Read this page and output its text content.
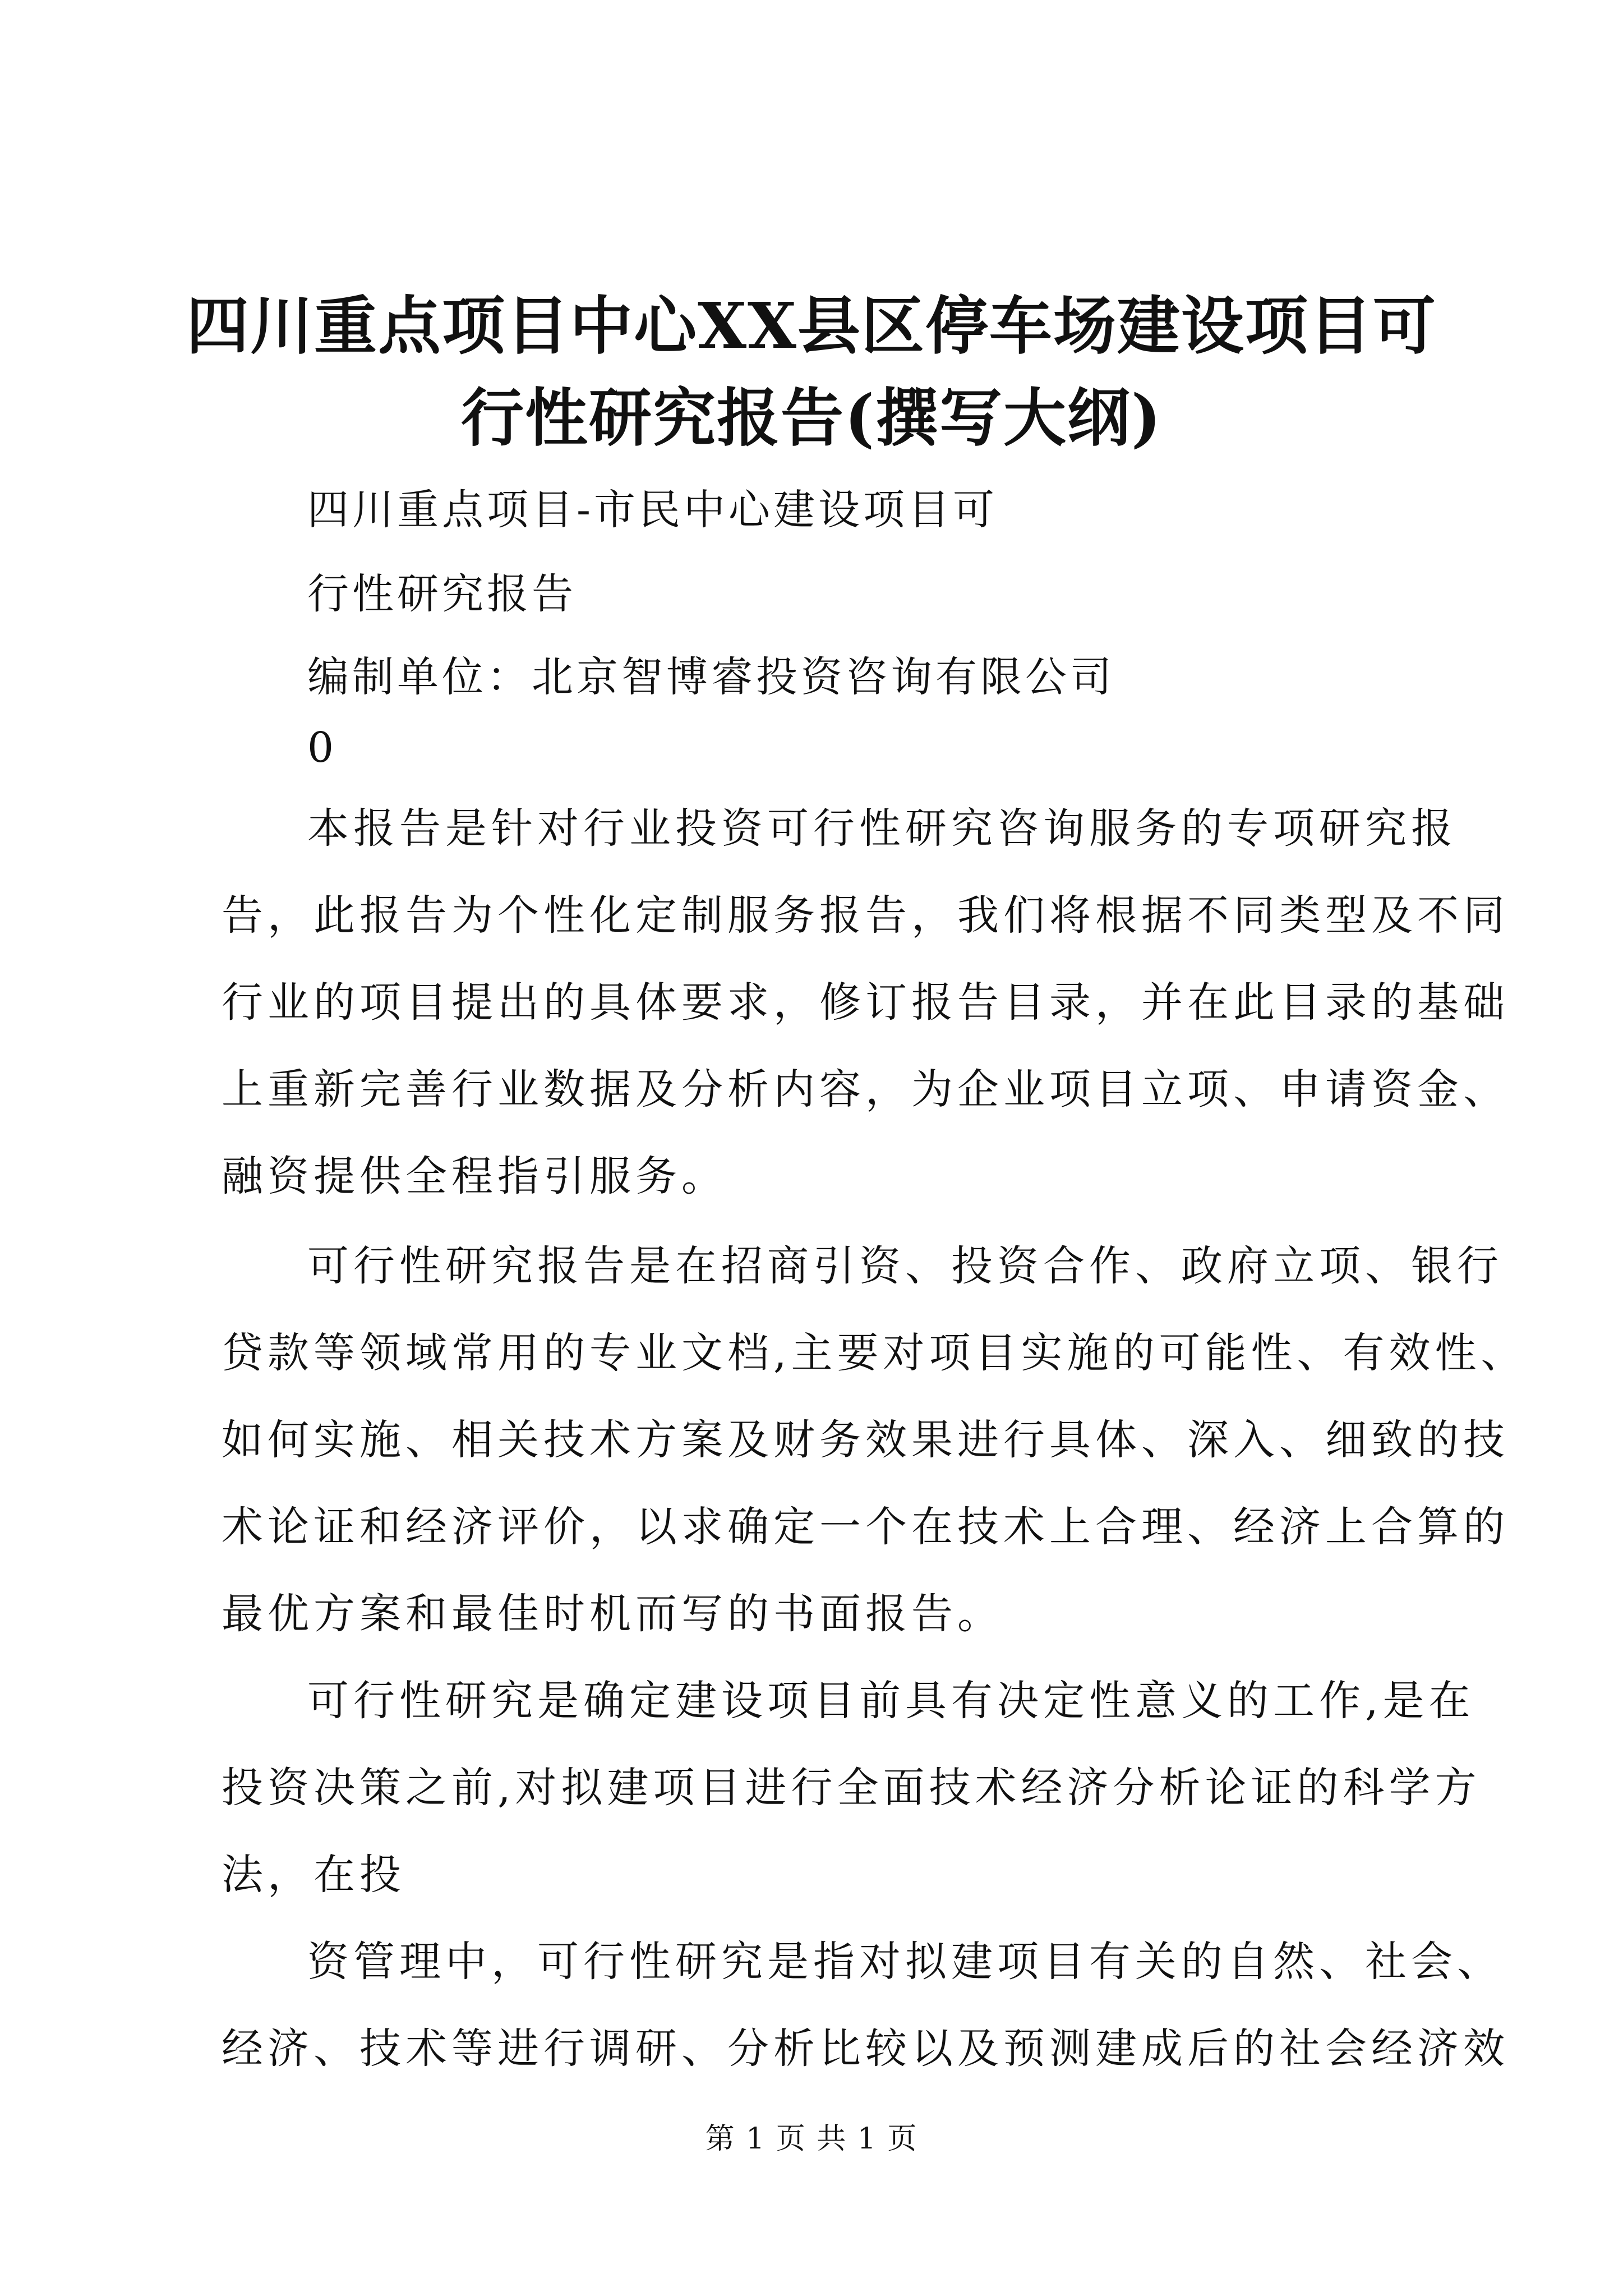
四川重点项目中心XX县区停车场建设项目可
行性研究报告(撰写大纲)
四川重点项目-市民中心建设项目可
行性研究报告
编制单位：北京智博睿投资咨询有限公司
0
本报告是针对行业投资可行性研究咨询服务的专项研究报
告，此报告为个性化定制服务报告，我们将根据不同类型及不同
行业的项目提出的具体要求，修订报告目录，并在此目录的基础
上重新完善行业数据及分析内容，为企业项目立项、申请资金、
融资提供全程指引服务。
可行性研究报告是在招商引资、投资合作、政府立项、银行
贷款等领域常用的专业文档,主要对项目实施的可能性、有效性、
如何实施、相关技术方案及财务效果进行具体、深入、细致的技
术论证和经济评价，以求确定一个在技术上合理、经济上合算的
最优方案和最佳时机而写的书面报告。
可行性研究是确定建设项目前具有决定性意义的工作,是在
投资决策之前,对拟建项目进行全面技术经济分析论证的科学方
法，在投
资管理中，可行性研究是指对拟建项目有关的自然、社会、
经济、技术等进行调研、分析比较以及预测建成后的社会经济效
第 1 页 共 1 页
